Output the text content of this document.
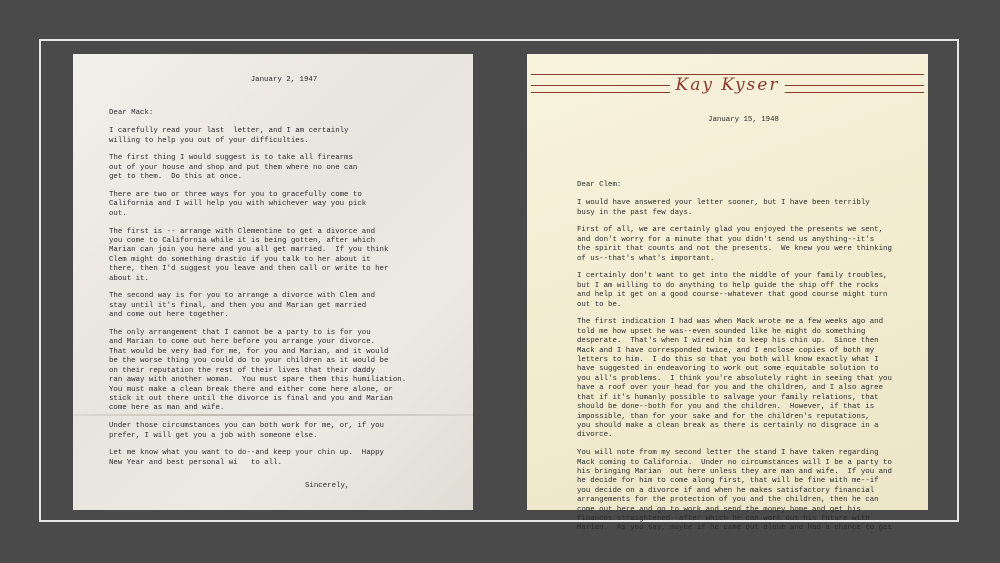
January 2, 1947

Dear Mack:

I carefully read your last  letter, and I am certainly
willing to help you out of your difficulties.

The first thing I would suggest is to take all firearms
out of your house and shop and put them where no one can
get to them.  Do this at once.

There are two or three ways for you to gracefully come to
California and I will help you with whichever way you pick
out.

The first is -- arrange with Clementine to get a divorce and
you come to California while it is being gotten, after which
Marian can join you here and you all get married.  If you think
Clem might do something drastic if you talk to her about it
there, then I'd suggest you leave and then call or write to her
about it.

The second way is for you to arrange a divorce with Clem and
stay until it's final, and then you and Marian get married
and come out here together.

The only arrangement that I cannot be a party to is for you
and Marian to come out here before you arrange your divorce.
That would be very bad for me, for you and Marian, and it would
be the worse thing you could do to your children as it would be
on their reputation the rest of their lives that their daddy
ran away with another woman.  You must spare them this humiliation.
You must make a clean break there and either come here alone, or
stick it out there until the divorce is final and you and Marian
come here as man and wife.

Under those circumstances you can both work for me, or, if you
prefer, I will get you a job with someone else.

Let me know what you want to do--and keep your chin up.  Happy
New Year and best personal wi   to all.

Sincerely,

Kay Kyser

January 15, 1948

Dear Clem:

I would have answered your letter sooner, but I have been terribly
busy in the past few days.

First of all, we are certainly glad you enjoyed the presents we sent,
and don't worry for a minute that you didn't send us anything--it's
the spirit that counts and not the presents.  We knew you were thinking
of us--that's what's important.

I certainly don't want to get into the middle of your family troubles,
but I am willing to do anything to help guide the ship off the rocks
and help it get on a good course--whatever that good course might turn
out to be.

The first indication I had was when Mack wrote me a few weeks ago and
told me how upset he was--even sounded like he might do something
desperate.  That's when I wired him to keep his chin up.  Since then
Mack and I have corresponded twice, and I enclose copies of both my
letters to him.  I do this so that you both will know exactly what I
have suggested in endeavoring to work out some equitable solution to
you all's problems.  I think you're absolutely right in seeing that you
have a roof over your head for you and the children, and I also agree
that if it's humanly possible to salvage your family relations, that
should be done--both for you and the children.  However, if that is
impossible, than for your sake and for the children's reputations,
you should make a clean break as there is certainly no disgrace in a
divorce.

You will note from my second letter the stand I have taken regarding
Mack coming to California.  Under no circumstances will I be a party to
his bringing Marian  out here unless they are man and wife.  If you and
he decide for him to come along first, that will be fine with me--if
you decide on a divorce if and when he makes satisfactory financial
arrangements for the protection of you and the children, then he can
come out here and go to work and send the money home and get his
finances straightened--after which he can work out his future with
Marian.  As you say, maybe if he came out alone and had a chance to get
